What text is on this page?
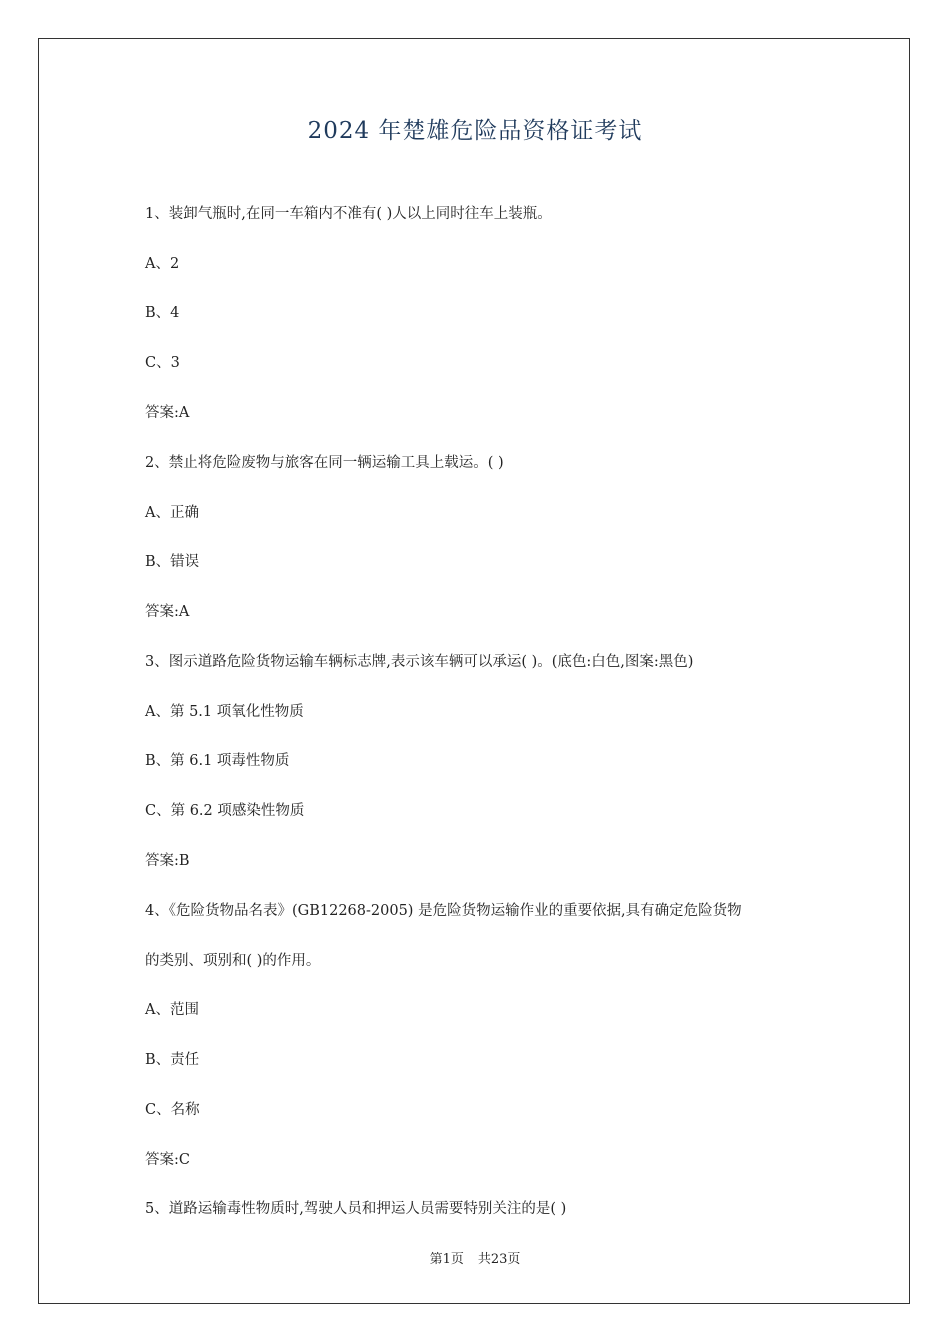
2024 年楚雄危险品资格证考试
1、装卸气瓶时,在同一车箱内不准有( )人以上同时往车上装瓶。
A、2
B、4
C、3
答案:A
2、禁止将危险废物与旅客在同一辆运输工具上载运。( )
A、正确
B、错误
答案:A
3、图示道路危险货物运输车辆标志牌,表示该车辆可以承运( )。(底色:白色,图案:黑色)
A、第 5.1 项氧化性物质
B、第 6.1 项毒性物质
C、第 6.2 项感染性物质
答案:B
4、《危险货物品名表》(GB12268-2005) 是危险货物运输作业的重要依据,具有确定危险货物
的类别、项别和( )的作用。
A、范围
B、责任
C、名称
答案:C
5、道路运输毒性物质时,驾驶人员和押运人员需要特别关注的是( )
第1页 共23页
